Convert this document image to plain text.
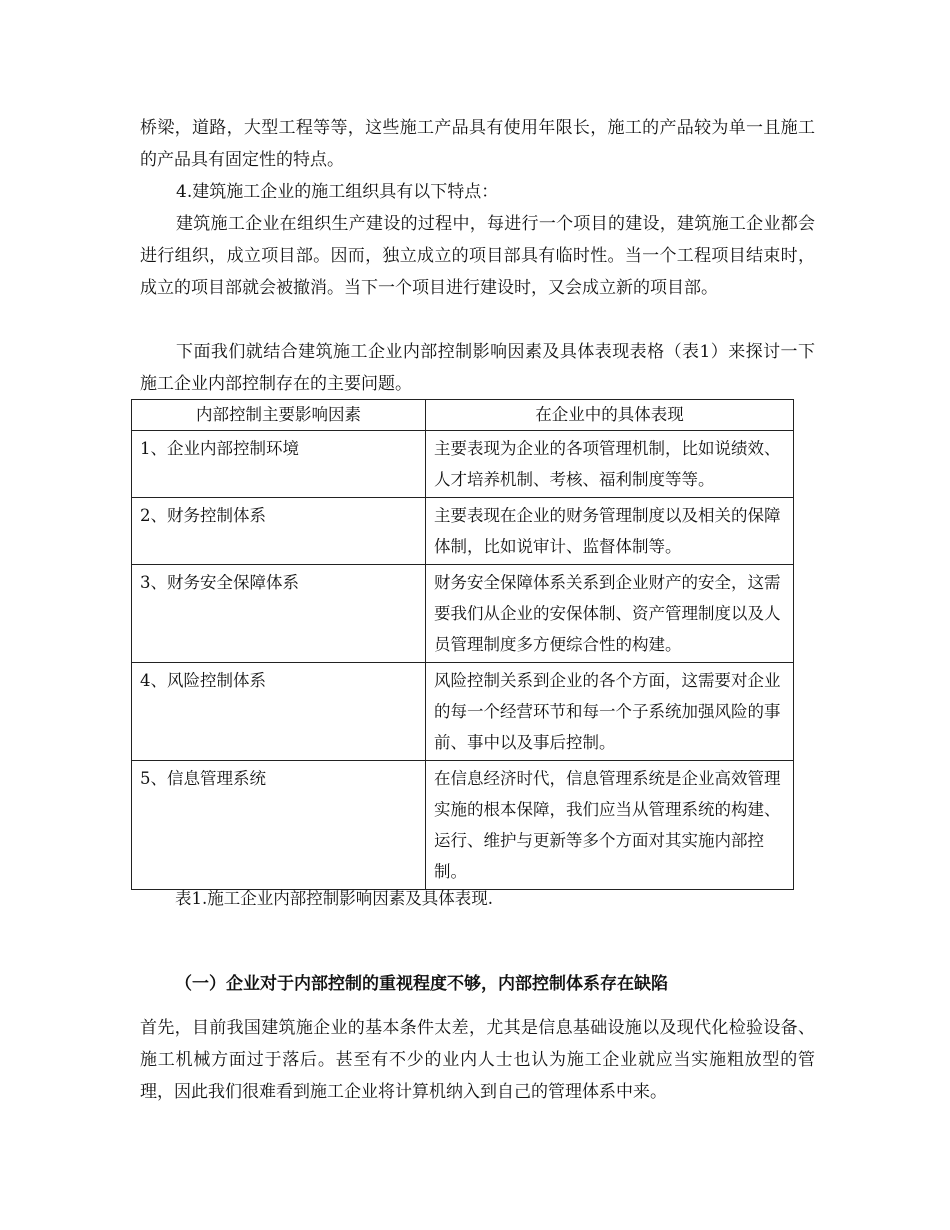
桥梁，道路，大型工程等等，这些施工产品具有使用年限长，施工的产品较为单一且施工的产品具有固定性的特点。

4.建筑施工企业的施工组织具有以下特点：

建筑施工企业在组织生产建设的过程中，每进行一个项目的建设，建筑施工企业都会进行组织，成立项目部。因而，独立成立的项目部具有临时性。当一个工程项目结束时，成立的项目部就会被撤消。当下一个项目进行建设时，又会成立新的项目部。

下面我们就结合建筑施工企业内部控制影响因素及具体表现表格（表1）来探讨一下施工企业内部控制存在的主要问题。

内部控制主要影响因素	在企业中的具体表现
1、企业内部控制环境	主要表现为企业的各项管理机制，比如说绩效、人才培养机制、考核、福利制度等等。
2、财务控制体系	主要表现在企业的财务管理制度以及相关的保障体制，比如说审计、监督体制等。
3、财务安全保障体系	财务安全保障体系关系到企业财产的安全，这需要我们从企业的安保体制、资产管理制度以及人员管理制度多方便综合性的构建。
4、风险控制体系	风险控制关系到企业的各个方面，这需要对企业的每一个经营环节和每一个子系统加强风险的事前、事中以及事后控制。
5、信息管理系统	在信息经济时代，信息管理系统是企业高效管理实施的根本保障，我们应当从管理系统的构建、运行、维护与更新等多个方面对其实施内部控制。
表1.施工企业内部控制影响因素及具体表现.
（一）企业对于内部控制的重视程度不够，内部控制体系存在缺陷

首先，目前我国建筑施企业的基本条件太差，尤其是信息基础设施以及现代化检验设备、施工机械方面过于落后。甚至有不少的业内人士也认为施工企业就应当实施粗放型的管理，因此我们很难看到施工企业将计算机纳入到自己的管理体系中来。
